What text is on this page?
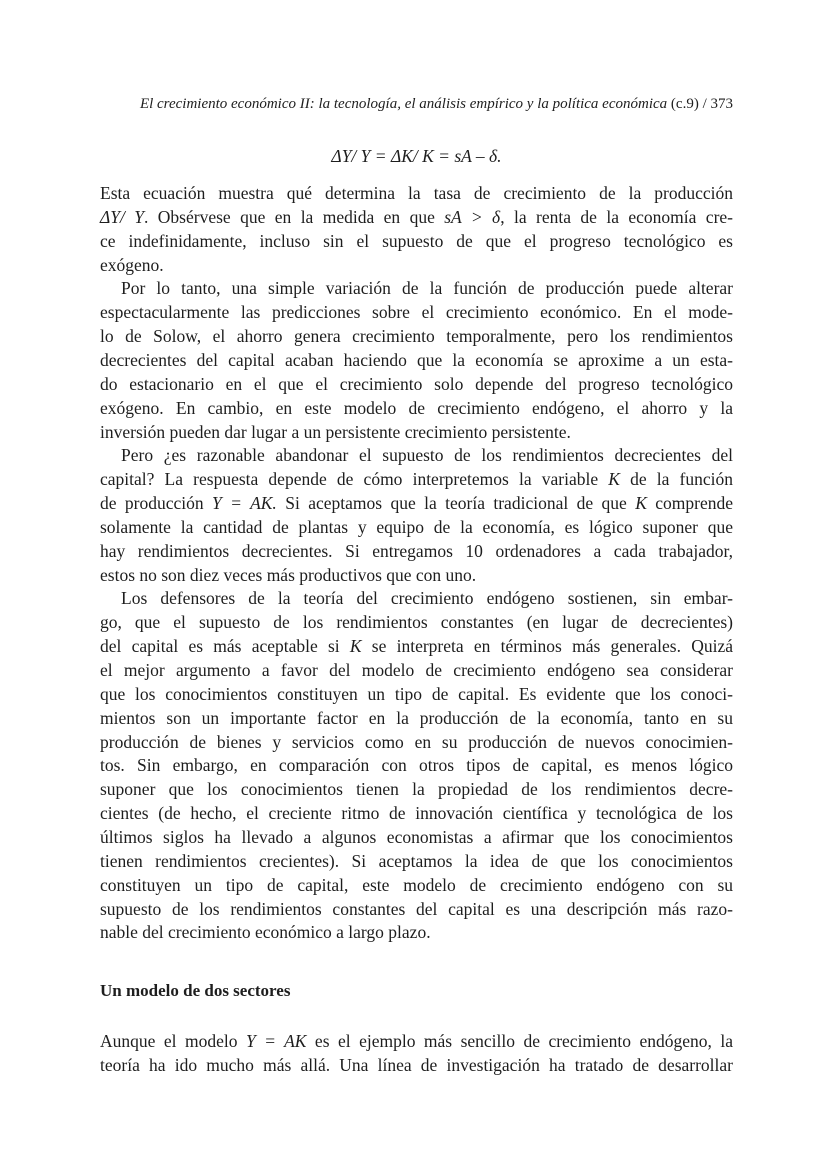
El crecimiento económico II: la tecnología, el análisis empírico y la política económica (c.9) / 373
ΔY/ Y = ΔK/ K = sA – δ.
Esta ecuación muestra qué determina la tasa de crecimiento de la producción
ΔY/ Y. Obsérvese que en la medida en que sA > δ, la renta de la economía cre-
ce indefinidamente, incluso sin el supuesto de que el progreso tecnológico es
exógeno.
Por lo tanto, una simple variación de la función de producción puede alterar
espectacularmente las predicciones sobre el crecimiento económico. En el mode-
lo de Solow, el ahorro genera crecimiento temporalmente, pero los rendimientos
decrecientes del capital acaban haciendo que la economía se aproxime a un esta-
do estacionario en el que el crecimiento solo depende del progreso tecnológico
exógeno. En cambio, en este modelo de crecimiento endógeno, el ahorro y la
inversión pueden dar lugar a un persistente crecimiento persistente.
Pero ¿es razonable abandonar el supuesto de los rendimientos decrecientes del
capital? La respuesta depende de cómo interpretemos la variable K de la función
de producción Y = AK. Si aceptamos que la teoría tradicional de que K comprende
solamente la cantidad de plantas y equipo de la economía, es lógico suponer que
hay rendimientos decrecientes. Si entregamos 10 ordenadores a cada trabajador,
estos no son diez veces más productivos que con uno.
Los defensores de la teoría del crecimiento endógeno sostienen, sin embar-
go, que el supuesto de los rendimientos constantes (en lugar de decrecientes)
del capital es más aceptable si K se interpreta en términos más generales. Quizá
el mejor argumento a favor del modelo de crecimiento endógeno sea considerar
que los conocimientos constituyen un tipo de capital. Es evidente que los conoci-
mientos son un importante factor en la producción de la economía, tanto en su
producción de bienes y servicios como en su producción de nuevos conocimien-
tos. Sin embargo, en comparación con otros tipos de capital, es menos lógico
suponer que los conocimientos tienen la propiedad de los rendimientos decre-
cientes (de hecho, el creciente ritmo de innovación científica y tecnológica de los
últimos siglos ha llevado a algunos economistas a afirmar que los conocimientos
tienen rendimientos crecientes). Si aceptamos la idea de que los conocimientos
constituyen un tipo de capital, este modelo de crecimiento endógeno con su
supuesto de los rendimientos constantes del capital es una descripción más razo-
nable del crecimiento económico a largo plazo.
Un modelo de dos sectores
Aunque el modelo Y = AK es el ejemplo más sencillo de crecimiento endógeno, la
teoría ha ido mucho más allá. Una línea de investigación ha tratado de desarrollar
